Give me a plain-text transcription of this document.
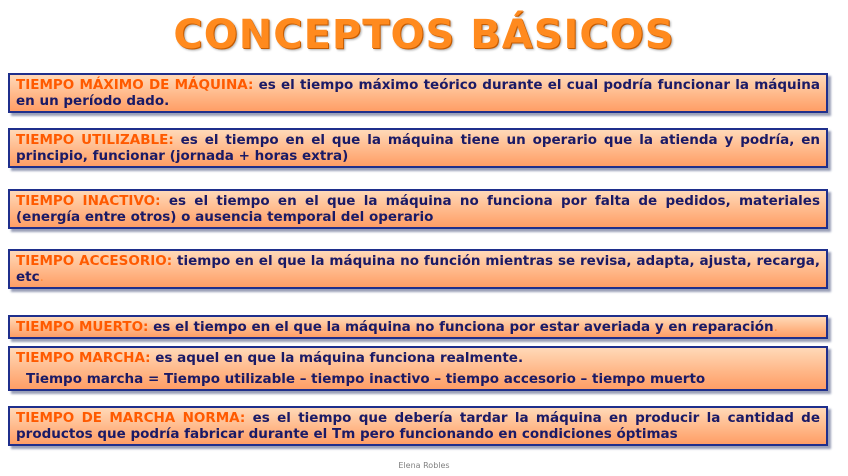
CONCEPTOS BÁSICOS
TIEMPO MÁXIMO DE MÁQUINA: es el tiempo máximo teórico durante el cual podría funcionar la máquina en un período dado.
TIEMPO UTILIZABLE: es el tiempo en el que la máquina tiene un operario que la atienda y podría, en principio, funcionar (jornada + horas extra)
TIEMPO INACTIVO: es el tiempo en el que la máquina no funciona por falta de pedidos, materiales (energía entre otros) o ausencia temporal del operario
TIEMPO ACCESORIO: tiempo en el que la máquina no función mientras se revisa, adapta, ajusta, recarga, etc.
TIEMPO MUERTO: es el tiempo en el que la máquina no funciona por estar averiada y en reparación.
TIEMPO MARCHA: es aquel en que la máquina funciona realmente.
Tiempo marcha = Tiempo utilizable – tiempo inactivo – tiempo accesorio – tiempo muerto
TIEMPO DE MARCHA NORMA: es el tiempo que debería tardar la máquina en producir la cantidad de productos que podría fabricar durante el Tm pero funcionando en condiciones óptimas
Elena Robles
